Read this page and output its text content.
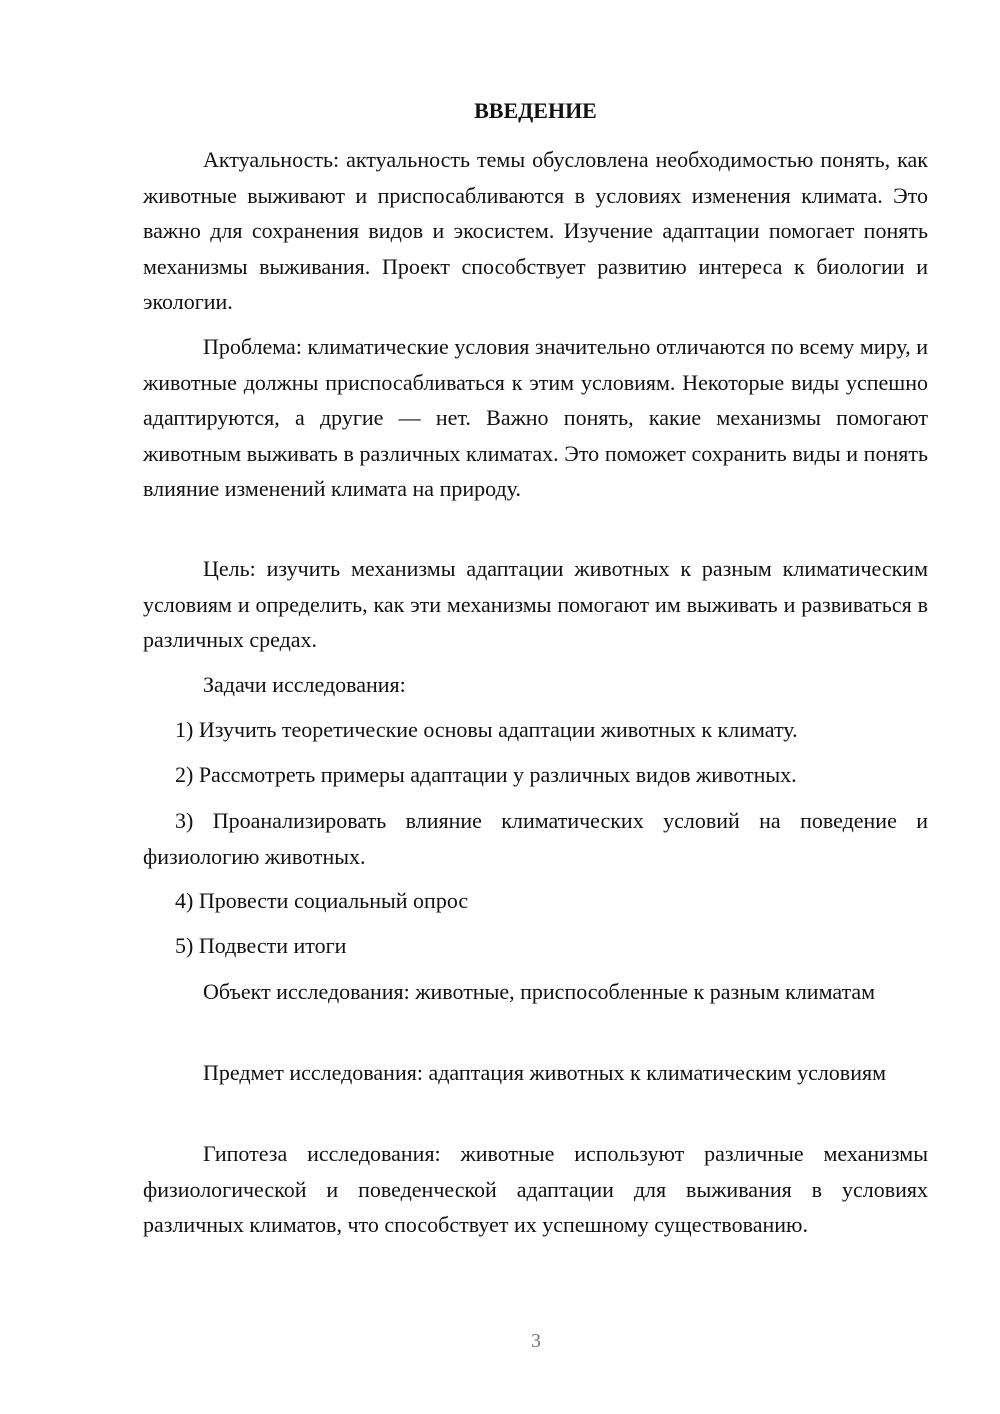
ВВЕДЕНИЕ

Актуальность: актуальность темы обусловлена необходимостью понять, как животные выживают и приспосабливаются в условиях изменения климата. Это важно для сохранения видов и экосистем. Изучение адаптации помогает понять механизмы выживания. Проект способствует развитию интереса к биологии и экологии.

Проблема: климатические условия значительно отличаются по всему миру, и животные должны приспосабливаться к этим условиям. Некоторые виды успешно адаптируются, а другие — нет. Важно понять, какие механизмы помогают животным выживать в различных климатах. Это поможет сохранить виды и понять влияние изменений климата на природу.

Цель: изучить механизмы адаптации животных к разным климатическим условиям и определить, как эти механизмы помогают им выживать и развиваться в различных средах.

Задачи исследования:

1) Изучить теоретические основы адаптации животных к климату.

2) Рассмотреть примеры адаптации у различных видов животных.

3) Проанализировать влияние климатических условий на поведение и физиологию животных.

4) Провести социальный опрос

5) Подвести итоги

Объект исследования: животные, приспособленные к разным климатам

Предмет исследования: адаптация животных к климатическим условиям

Гипотеза исследования: животные используют различные механизмы физиологической и поведенческой адаптации для выживания в условиях различных климатов, что способствует их успешному существованию.

3
